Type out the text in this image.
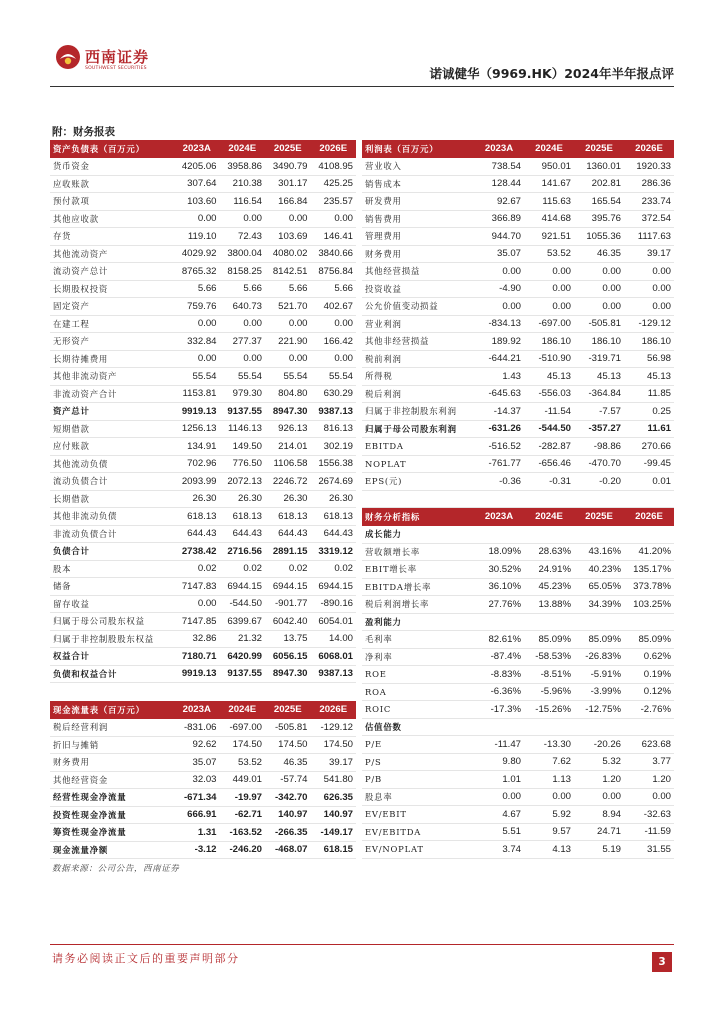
西南证券
SOUTHWEST SECURITIES	诺诚健华（9969.HK）2024年半年报点评
附：财务报表
资产负债表（百万元）	2023A	2024E	2025E	2026E
货币资金	4205.06	3958.86	3490.79	4108.95
应收账款	307.64	210.38	301.17	425.25
预付款项	103.60	116.54	166.84	235.57
其他应收款	0.00	0.00	0.00	0.00
存货	119.10	72.43	103.69	146.41
其他流动资产	4029.92	3800.04	4080.02	3840.66
流动资产总计	8765.32	8158.25	8142.51	8756.84
长期股权投资	5.66	5.66	5.66	5.66
固定资产	759.76	640.73	521.70	402.67
在建工程	0.00	0.00	0.00	0.00
无形资产	332.84	277.37	221.90	166.42
长期待摊费用	0.00	0.00	0.00	0.00
其他非流动资产	55.54	55.54	55.54	55.54
非流动资产合计	1153.81	979.30	804.80	630.29
资产总计	9919.13	9137.55	8947.30	9387.13
短期借款	1256.13	1146.13	926.13	816.13
应付账款	134.91	149.50	214.01	302.19
其他流动负债	702.96	776.50	1106.58	1556.38
流动负债合计	2093.99	2072.13	2246.72	2674.69
长期借款	26.30	26.30	26.30	26.30
其他非流动负债	618.13	618.13	618.13	618.13
非流动负债合计	644.43	644.43	644.43	644.43
负债合计	2738.42	2716.56	2891.15	3319.12
股本	0.02	0.02	0.02	0.02
储备	7147.83	6944.15	6944.15	6944.15
留存收益	0.00	-544.50	-901.77	-890.16
归属于母公司股东权益	7147.85	6399.67	6042.40	6054.01
归属于非控制股股东权益	32.86	21.32	13.75	14.00
权益合计	7180.71	6420.99	6056.15	6068.01
负债和权益合计	9919.13	9137.55	8947.30	9387.13
现金流量表（百万元）	2023A	2024E	2025E	2026E
税后经营利润	-831.06	-697.00	-505.81	-129.12
折旧与摊销	92.62	174.50	174.50	174.50
财务费用	35.07	53.52	46.35	39.17
其他经营资金	32.03	449.01	-57.74	541.80
经营性现金净流量	-671.34	-19.97	-342.70	626.35
投资性现金净流量	666.91	-62.71	140.97	140.97
筹资性现金净流量	1.31	-163.52	-266.35	-149.17
现金流量净额	-3.12	-246.20	-468.07	618.15
利润表（百万元）	2023A	2024E	2025E	2026E
营业收入	738.54	950.01	1360.01	1920.33
销售成本	128.44	141.67	202.81	286.36
研发费用	92.67	115.63	165.54	233.74
销售费用	366.89	414.68	395.76	372.54
管理费用	944.70	921.51	1055.36	1117.63
财务费用	35.07	53.52	46.35	39.17
其他经营损益	0.00	0.00	0.00	0.00
投资收益	-4.90	0.00	0.00	0.00
公允价值变动损益	0.00	0.00	0.00	0.00
营业利润	-834.13	-697.00	-505.81	-129.12
其他非经营损益	189.92	186.10	186.10	186.10
税前利润	-644.21	-510.90	-319.71	56.98
所得税	1.43	45.13	45.13	45.13
税后利润	-645.63	-556.03	-364.84	11.85
归属于非控制股东利润	-14.37	-11.54	-7.57	0.25
归属于母公司股东利润	-631.26	-544.50	-357.27	11.61
EBITDA	-516.52	-282.87	-98.86	270.66
NOPLAT	-761.77	-656.46	-470.70	-99.45
EPS(元)	-0.36	-0.31	-0.20	0.01

财务分析指标	2023A	2024E	2025E	2026E
成长能力				
营收额增长率	18.09%	28.63%	43.16%	41.20%
EBIT增长率	30.52%	24.91%	40.23%	135.17%
EBITDA增长率	36.10%	45.23%	65.05%	373.78%
税后利润增长率	27.76%	13.88%	34.39%	103.25%
盈利能力				
毛利率	82.61%	85.09%	85.09%	85.09%
净利率	-87.4%	-58.53%	-26.83%	0.62%
ROE	-8.83%	-8.51%	-5.91%	0.19%
ROA	-6.36%	-5.96%	-3.99%	0.12%
ROIC	-17.3%	-15.26%	-12.75%	-2.76%
估值倍数				
P/E	-11.47	-13.30	-20.26	623.68
P/S	9.80	7.62	5.32	3.77
P/B	1.01	1.13	1.20	1.20
股息率	0.00	0.00	0.00	0.00
EV/EBIT	4.67	5.92	8.94	-32.63
EV/EBITDA	5.51	9.57	24.71	-11.59
EV/NOPLAT	3.74	4.13	5.19	31.55
数据来源：公司公告，西南证券
请务必阅读正文后的重要声明部分	3
